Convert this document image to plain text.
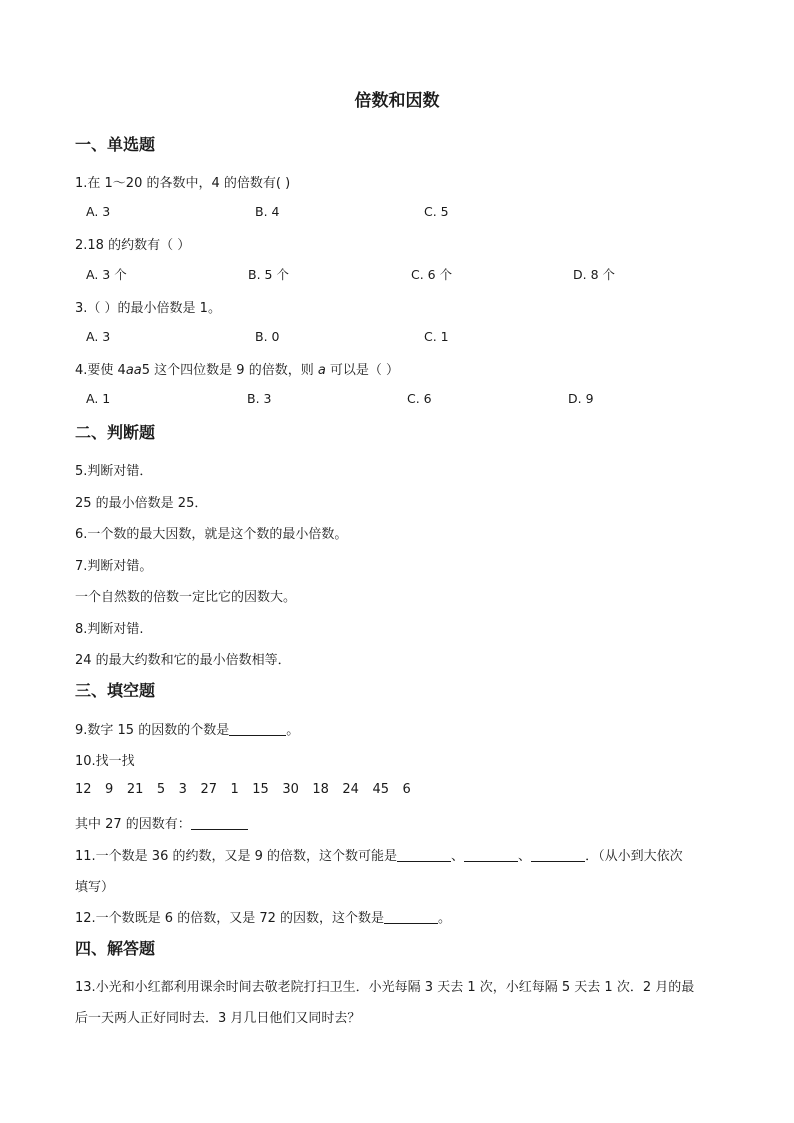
倍数和因数
一、单选题
1.在 1～20 的各数中，4 的倍数有( )
A. 3	B. 4	C. 5
2.18 的约数有（ ）
A. 3 个	B. 5 个	C. 6 个	D. 8 个
3.（ ）的最小倍数是 1。
A. 3	B. 0	C. 1
4.要使 4aa5 这个四位数是 9 的倍数，则 a 可以是（ ）
A. 1	B. 3	C. 6	D. 9
二、判断题
5.判断对错．
25 的最小倍数是 25．
6.一个数的最大因数，就是这个数的最小倍数。
7.判断对错。
一个自然数的倍数一定比它的因数大。
8.判断对错.
24 的最大约数和它的最小倍数相等．
三、填空题
9.数字 15 的因数的个数是	。
10.找一找
12 9 21 5 3 27 1 15 30 18 24 45 6
其中 27 的因数有：
11.一个数是 36 的约数，又是 9 的倍数，这个数可能是	、	、	．（从小到大依次
填写）
12.一个数既是 6 的倍数，又是 72 的因数，这个数是	。
四、解答题
13.小光和小红都利用课余时间去敬老院打扫卫生．小光每隔 3 天去 1 次，小红每隔 5 天去 1 次．2 月的最
后一天两人正好同时去．3 月几日他们又同时去？
